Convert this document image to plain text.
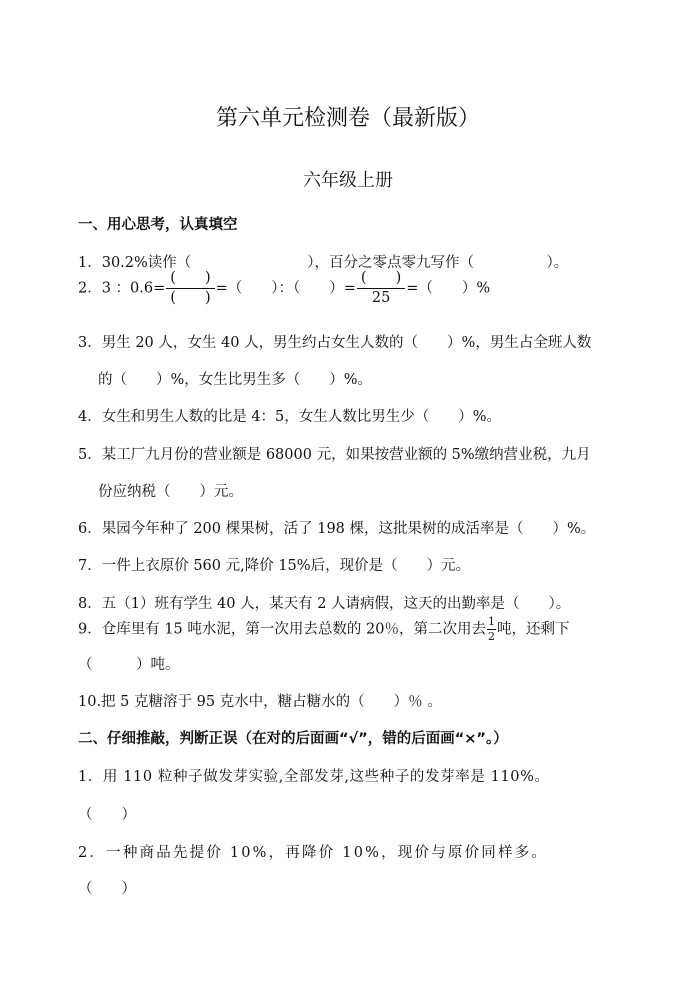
第六单元检测卷（最新版）
六年级上册
一、用心思考，认真填空
1．30.2%读作（　　　　　　　　），百分之零点零九写作（　　　　　）。
2．3 ：$0.6= \frac{( )}{( )}$ =（　　）：（　　）= $\frac{( )}{25}$ =（　　）%
3．男生 20 人，女生 40 人，男生约占女生人数的（　　）%，男生占全班人数
的（　　）%，女生比男生多（　　）%。
4．女生和男生人数的比是 4：5，女生人数比男生少（　　）%。
5．某工厂九月份的营业额是 68000 元，如果按营业额的 5%缴纳营业税，九月
份应纳税（　　）元。
6．果园今年种了 200 棵果树，活了 198 棵，这批果树的成活率是（　　）%。
7．一件上衣原价 560 元,降价 15%后，现价是（　　）元。
8．五（1）班有学生 40 人，某天有 2 人请病假，这天的出勤率是（　　）。
9．仓库里有 15 吨水泥，第一次用去总数的 20％，第二次用去 $\frac{1}{2}$ 吨，还剩下
（　　　）吨。
10.把 5 克糖溶于 95 克水中，糖占糖水的（　　）％ 。
二、仔细推敲，判断正误（在对的后面画“√”，错的后面画“×”。）
1．用 110 粒种子做发芽实验,全部发芽,这些种子的发芽率是 110%。
（　　）
2．一种商品先提价 10%，再降价 10%，现价与原价同样多。
（　　）
